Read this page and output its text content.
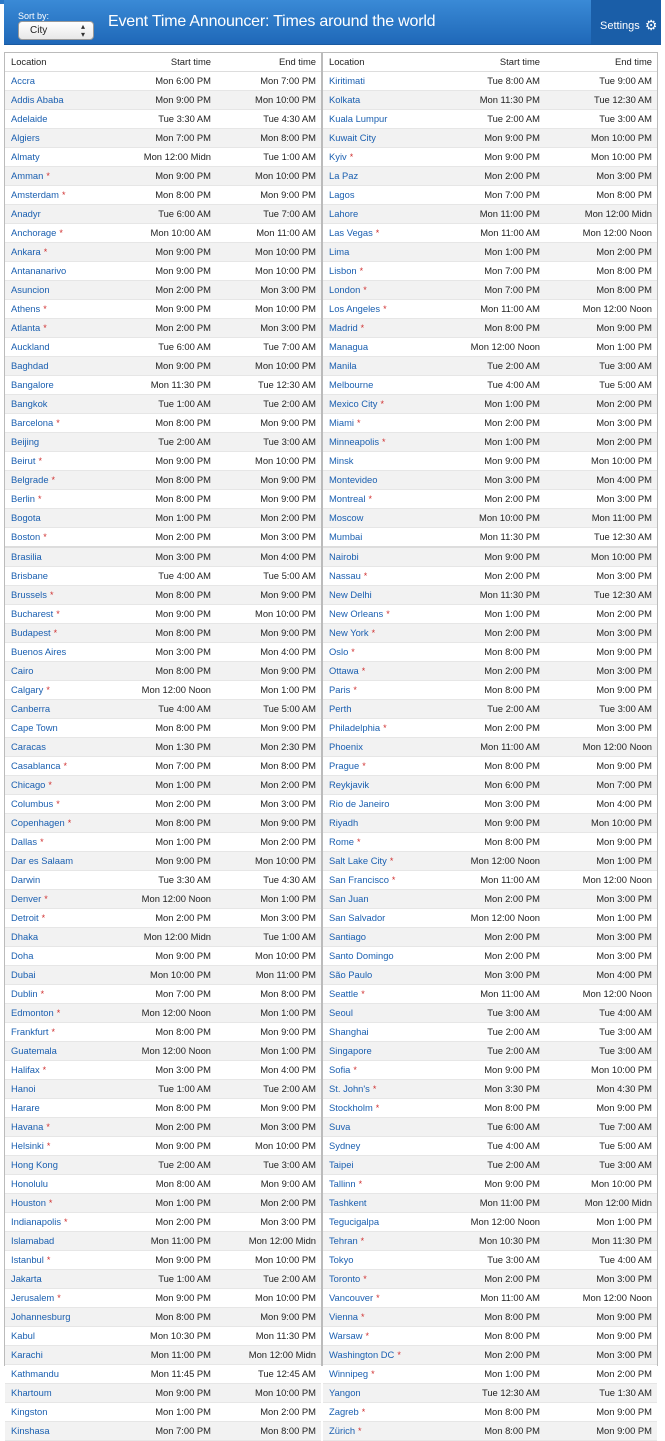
Sort by:
City	▴
▾
Event Time Announcer: Times around the world	Settings ⚙
Location	Start time	End time
Accra	Mon 6:00 PM	Mon 7:00 PM
Addis Ababa	Mon 9:00 PM	Mon 10:00 PM
Adelaide	Tue 3:30 AM	Tue 4:30 AM
Algiers	Mon 7:00 PM	Mon 8:00 PM
Almaty	Mon 12:00 Midn	Tue 1:00 AM
Amman *	Mon 9:00 PM	Mon 10:00 PM
Amsterdam *	Mon 8:00 PM	Mon 9:00 PM
Anadyr	Tue 6:00 AM	Tue 7:00 AM
Anchorage *	Mon 10:00 AM	Mon 11:00 AM
Ankara *	Mon 9:00 PM	Mon 10:00 PM
Antananarivo	Mon 9:00 PM	Mon 10:00 PM
Asuncion	Mon 2:00 PM	Mon 3:00 PM
Athens *	Mon 9:00 PM	Mon 10:00 PM
Atlanta *	Mon 2:00 PM	Mon 3:00 PM
Auckland	Tue 6:00 AM	Tue 7:00 AM
Baghdad	Mon 9:00 PM	Mon 10:00 PM
Bangalore	Mon 11:30 PM	Tue 12:30 AM
Bangkok	Tue 1:00 AM	Tue 2:00 AM
Barcelona *	Mon 8:00 PM	Mon 9:00 PM
Beijing	Tue 2:00 AM	Tue 3:00 AM
Beirut *	Mon 9:00 PM	Mon 10:00 PM
Belgrade *	Mon 8:00 PM	Mon 9:00 PM
Berlin *	Mon 8:00 PM	Mon 9:00 PM
Bogota	Mon 1:00 PM	Mon 2:00 PM
Boston *	Mon 2:00 PM	Mon 3:00 PM
Brasilia	Mon 3:00 PM	Mon 4:00 PM
Brisbane	Tue 4:00 AM	Tue 5:00 AM
Brussels *	Mon 8:00 PM	Mon 9:00 PM
Bucharest *	Mon 9:00 PM	Mon 10:00 PM
Budapest *	Mon 8:00 PM	Mon 9:00 PM
Buenos Aires	Mon 3:00 PM	Mon 4:00 PM
Cairo	Mon 8:00 PM	Mon 9:00 PM
Calgary *	Mon 12:00 Noon	Mon 1:00 PM
Canberra	Tue 4:00 AM	Tue 5:00 AM
Cape Town	Mon 8:00 PM	Mon 9:00 PM
Caracas	Mon 1:30 PM	Mon 2:30 PM
Casablanca *	Mon 7:00 PM	Mon 8:00 PM
Chicago *	Mon 1:00 PM	Mon 2:00 PM
Columbus *	Mon 2:00 PM	Mon 3:00 PM
Copenhagen *	Mon 8:00 PM	Mon 9:00 PM
Dallas *	Mon 1:00 PM	Mon 2:00 PM
Dar es Salaam	Mon 9:00 PM	Mon 10:00 PM
Darwin	Tue 3:30 AM	Tue 4:30 AM
Denver *	Mon 12:00 Noon	Mon 1:00 PM
Detroit *	Mon 2:00 PM	Mon 3:00 PM
Dhaka	Mon 12:00 Midn	Tue 1:00 AM
Doha	Mon 9:00 PM	Mon 10:00 PM
Dubai	Mon 10:00 PM	Mon 11:00 PM
Dublin *	Mon 7:00 PM	Mon 8:00 PM
Edmonton *	Mon 12:00 Noon	Mon 1:00 PM
Frankfurt *	Mon 8:00 PM	Mon 9:00 PM
Guatemala	Mon 12:00 Noon	Mon 1:00 PM
Halifax *	Mon 3:00 PM	Mon 4:00 PM
Hanoi	Tue 1:00 AM	Tue 2:00 AM
Harare	Mon 8:00 PM	Mon 9:00 PM
Havana *	Mon 2:00 PM	Mon 3:00 PM
Helsinki *	Mon 9:00 PM	Mon 10:00 PM
Hong Kong	Tue 2:00 AM	Tue 3:00 AM
Honolulu	Mon 8:00 AM	Mon 9:00 AM
Houston *	Mon 1:00 PM	Mon 2:00 PM
Indianapolis *	Mon 2:00 PM	Mon 3:00 PM
Islamabad	Mon 11:00 PM	Mon 12:00 Midn
Istanbul *	Mon 9:00 PM	Mon 10:00 PM
Jakarta	Tue 1:00 AM	Tue 2:00 AM
Jerusalem *	Mon 9:00 PM	Mon 10:00 PM
Johannesburg	Mon 8:00 PM	Mon 9:00 PM
Kabul	Mon 10:30 PM	Mon 11:30 PM
Karachi	Mon 11:00 PM	Mon 12:00 Midn
Kathmandu	Mon 11:45 PM	Tue 12:45 AM
Khartoum	Mon 9:00 PM	Mon 10:00 PM
Kingston	Mon 1:00 PM	Mon 2:00 PM
Kinshasa	Mon 7:00 PM	Mon 8:00 PM
Location	Start time	End time
Kiritimati	Tue 8:00 AM	Tue 9:00 AM
Kolkata	Mon 11:30 PM	Tue 12:30 AM
Kuala Lumpur	Tue 2:00 AM	Tue 3:00 AM
Kuwait City	Mon 9:00 PM	Mon 10:00 PM
Kyiv *	Mon 9:00 PM	Mon 10:00 PM
La Paz	Mon 2:00 PM	Mon 3:00 PM
Lagos	Mon 7:00 PM	Mon 8:00 PM
Lahore	Mon 11:00 PM	Mon 12:00 Midn
Las Vegas *	Mon 11:00 AM	Mon 12:00 Noon
Lima	Mon 1:00 PM	Mon 2:00 PM
Lisbon *	Mon 7:00 PM	Mon 8:00 PM
London *	Mon 7:00 PM	Mon 8:00 PM
Los Angeles *	Mon 11:00 AM	Mon 12:00 Noon
Madrid *	Mon 8:00 PM	Mon 9:00 PM
Managua	Mon 12:00 Noon	Mon 1:00 PM
Manila	Tue 2:00 AM	Tue 3:00 AM
Melbourne	Tue 4:00 AM	Tue 5:00 AM
Mexico City *	Mon 1:00 PM	Mon 2:00 PM
Miami *	Mon 2:00 PM	Mon 3:00 PM
Minneapolis *	Mon 1:00 PM	Mon 2:00 PM
Minsk	Mon 9:00 PM	Mon 10:00 PM
Montevideo	Mon 3:00 PM	Mon 4:00 PM
Montreal *	Mon 2:00 PM	Mon 3:00 PM
Moscow	Mon 10:00 PM	Mon 11:00 PM
Mumbai	Mon 11:30 PM	Tue 12:30 AM
Nairobi	Mon 9:00 PM	Mon 10:00 PM
Nassau *	Mon 2:00 PM	Mon 3:00 PM
New Delhi	Mon 11:30 PM	Tue 12:30 AM
New Orleans *	Mon 1:00 PM	Mon 2:00 PM
New York *	Mon 2:00 PM	Mon 3:00 PM
Oslo *	Mon 8:00 PM	Mon 9:00 PM
Ottawa *	Mon 2:00 PM	Mon 3:00 PM
Paris *	Mon 8:00 PM	Mon 9:00 PM
Perth	Tue 2:00 AM	Tue 3:00 AM
Philadelphia *	Mon 2:00 PM	Mon 3:00 PM
Phoenix	Mon 11:00 AM	Mon 12:00 Noon
Prague *	Mon 8:00 PM	Mon 9:00 PM
Reykjavik	Mon 6:00 PM	Mon 7:00 PM
Rio de Janeiro	Mon 3:00 PM	Mon 4:00 PM
Riyadh	Mon 9:00 PM	Mon 10:00 PM
Rome *	Mon 8:00 PM	Mon 9:00 PM
Salt Lake City *	Mon 12:00 Noon	Mon 1:00 PM
San Francisco *	Mon 11:00 AM	Mon 12:00 Noon
San Juan	Mon 2:00 PM	Mon 3:00 PM
San Salvador	Mon 12:00 Noon	Mon 1:00 PM
Santiago	Mon 2:00 PM	Mon 3:00 PM
Santo Domingo	Mon 2:00 PM	Mon 3:00 PM
São Paulo	Mon 3:00 PM	Mon 4:00 PM
Seattle *	Mon 11:00 AM	Mon 12:00 Noon
Seoul	Tue 3:00 AM	Tue 4:00 AM
Shanghai	Tue 2:00 AM	Tue 3:00 AM
Singapore	Tue 2:00 AM	Tue 3:00 AM
Sofia *	Mon 9:00 PM	Mon 10:00 PM
St. John's *	Mon 3:30 PM	Mon 4:30 PM
Stockholm *	Mon 8:00 PM	Mon 9:00 PM
Suva	Tue 6:00 AM	Tue 7:00 AM
Sydney	Tue 4:00 AM	Tue 5:00 AM
Taipei	Tue 2:00 AM	Tue 3:00 AM
Tallinn *	Mon 9:00 PM	Mon 10:00 PM
Tashkent	Mon 11:00 PM	Mon 12:00 Midn
Tegucigalpa	Mon 12:00 Noon	Mon 1:00 PM
Tehran *	Mon 10:30 PM	Mon 11:30 PM
Tokyo	Tue 3:00 AM	Tue 4:00 AM
Toronto *	Mon 2:00 PM	Mon 3:00 PM
Vancouver *	Mon 11:00 AM	Mon 12:00 Noon
Vienna *	Mon 8:00 PM	Mon 9:00 PM
Warsaw *	Mon 8:00 PM	Mon 9:00 PM
Washington DC *	Mon 2:00 PM	Mon 3:00 PM
Winnipeg *	Mon 1:00 PM	Mon 2:00 PM
Yangon	Tue 12:30 AM	Tue 1:30 AM
Zagreb *	Mon 8:00 PM	Mon 9:00 PM
Zürich *	Mon 8:00 PM	Mon 9:00 PM
